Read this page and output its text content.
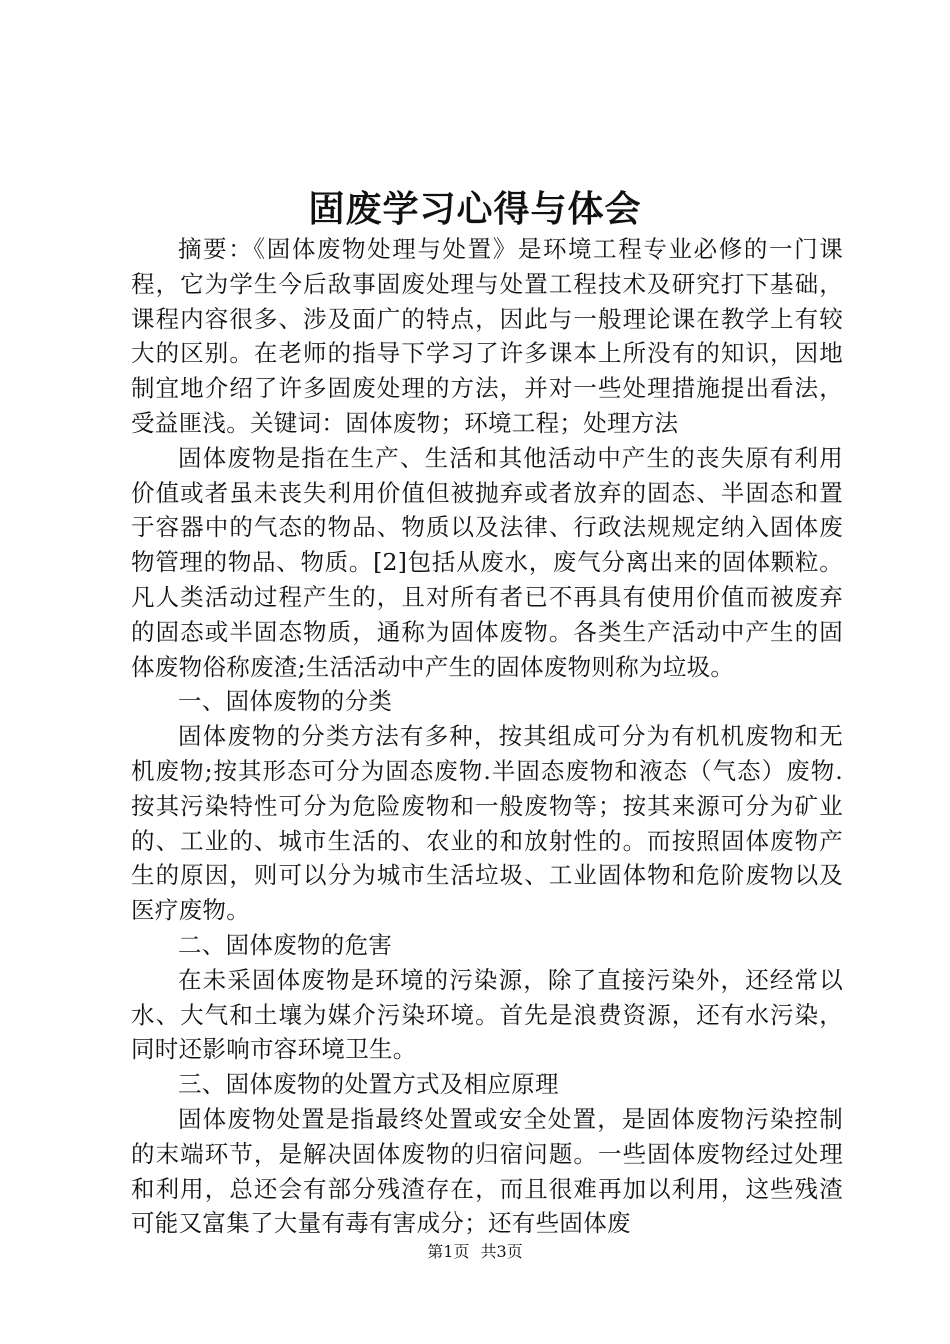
固废学习心得与体会

摘要：《固体废物处理与处置》是环境工程专业必修的一门课程，它为学生今后敌事固废处理与处置工程技术及研究打下基础，课程内容很多、涉及面广的特点，因此与一般理论课在教学上有较大的区别。在老师的指导下学习了许多课本上所没有的知识，因地制宜地介绍了许多固废处理的方法，并对一些处理措施提出看法，受益匪浅。关键词：固体废物；环境工程；处理方法

固体废物是指在生产、生活和其他活动中产生的丧失原有利用价值或者虽未丧失利用价值但被抛弃或者放弃的固态、半固态和置于容器中的气态的物品、物质以及法律、行政法规规定纳入固体废物管理的物品、物质。[2]包括从废水，废气分离出来的固体颗粒。凡人类活动过程产生的，且对所有者已不再具有使用价值而被废弃的固态或半固态物质，通称为固体废物。各类生产活动中产生的固体废物俗称废渣;生活活动中产生的固体废物则称为垃圾。

一、固体废物的分类

固体废物的分类方法有多种，按其组成可分为有机机废物和无机废物;按其形态可分为固态废物.半固态废物和液态（气态）废物.按其污染特性可分为危险废物和一般废物等；按其来源可分为矿业的、工业的、城市生活的、农业的和放射性的。而按照固体废物产生的原因，则可以分为城市生活垃圾、工业固体物和危阶废物以及医疗废物。

二、固体废物的危害

在未采固体废物是环境的污染源，除了直接污染外，还经常以水、大气和土壤为媒介污染环境。首先是浪费资源，还有水污染，同时还影响市容环境卫生。

三、固体废物的处置方式及相应原理

固体废物处置是指最终处置或安全处置，是固体废物污染控制的末端环节，是解决固体废物的归宿问题。一些固体废物经过处理和利用，总还会有部分残渣存在，而且很难再加以利用，这些残渣可能又富集了大量有毒有害成分；还有些固体废

第1页 共3页
